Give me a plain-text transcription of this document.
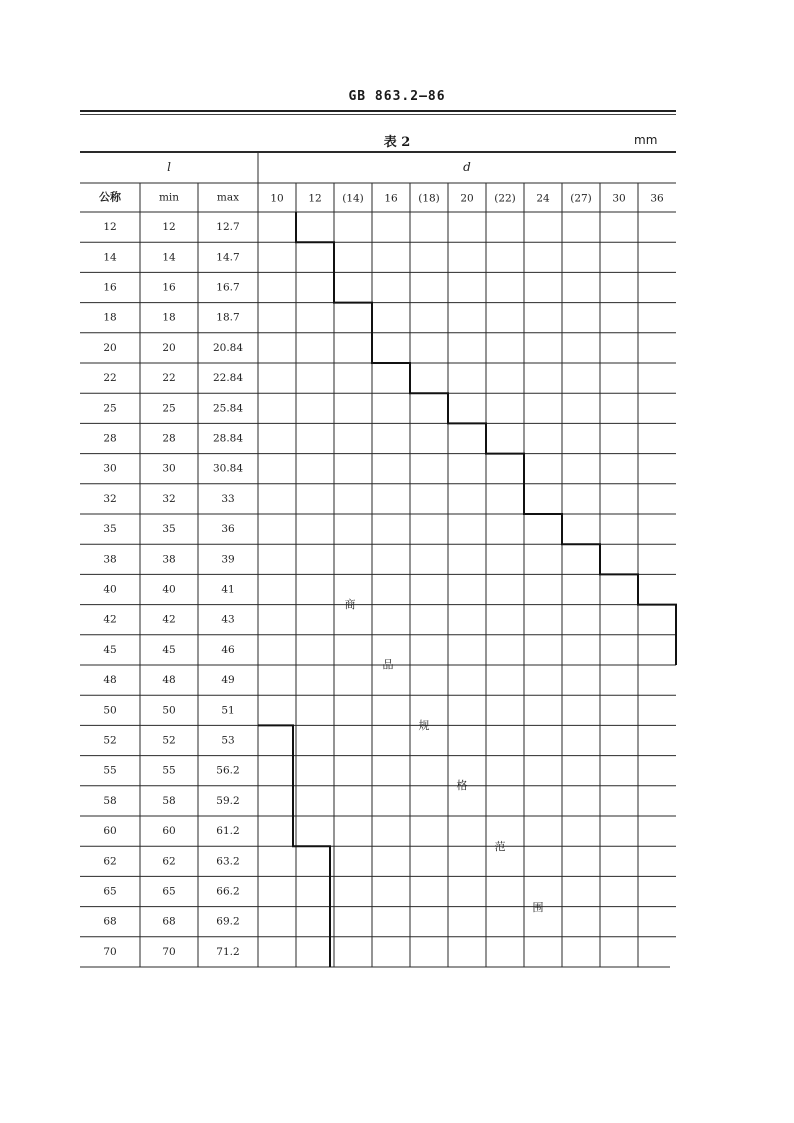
GB 863.2—86
表 2	mm
l	d
公称	min	max	10 12 (14) 16 (18) 20 (22) 24 (27) 30 36
12	12	12.7
14	14	14.7
16	16	16.7
18	18	18.7
20	20	20.84
22	22	22.84
25	25	25.84
28	28	28.84
30	30	30.84
32	32	33
35	35	36
38	38	39
40	40	41
42	42	43
45	45	46
48	48	49
50	50	51
52	52	53
55	55	56.2
58	58	59.2
60	60	61.2
62	62	63.2
65	65	66.2
68	68	69.2
70	70	71.2
商
品
规
格
范
围
